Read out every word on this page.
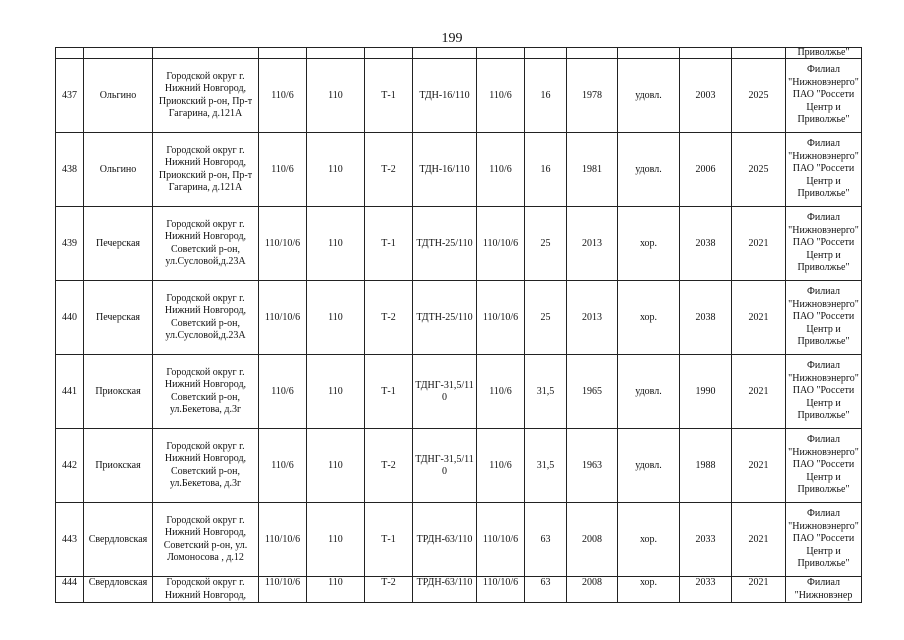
199
													Приволжье"
437	Ольгино	Городской округ г. Нижний Новгород, Приокский р-он, Пр-т Гагарина, д.121А	110/6	110	Т-1	ТДН-16/110	110/6	16	1978	удовл.	2003	2025	Филиал "Нижновэнерго" ПАО "Россети Центр и Приволжье"
438	Ольгино	Городской округ г. Нижний Новгород, Приокский р-он, Пр-т Гагарина, д.121А	110/6	110	Т-2	ТДН-16/110	110/6	16	1981	удовл.	2006	2025	Филиал "Нижновэнерго" ПАО "Россети Центр и Приволжье"
439	Печерская	Городской округ г. Нижний Новгород, Советский р-он, ул.Сусловой,д.23А	110/10/6	110	Т-1	ТДТН-25/110	110/10/6	25	2013	хор.	2038	2021	Филиал "Нижновэнерго" ПАО "Россети Центр и Приволжье"
440	Печерская	Городской округ г. Нижний Новгород, Советский р-он, ул.Сусловой,д.23А	110/10/6	110	Т-2	ТДТН-25/110	110/10/6	25	2013	хор.	2038	2021	Филиал "Нижновэнерго" ПАО "Россети Центр и Приволжье"
441	Приокская	Городской округ г. Нижний Новгород, Советский р-он, ул.Бекетова, д.3г	110/6	110	Т-1	ТДНГ-31,5/110	110/6	31,5	1965	удовл.	1990	2021	Филиал "Нижновэнерго" ПАО "Россети Центр и Приволжье"
442	Приокская	Городской округ г. Нижний Новгород, Советский р-он, ул.Бекетова, д.3г	110/6	110	Т-2	ТДНГ-31,5/110	110/6	31,5	1963	удовл.	1988	2021	Филиал "Нижновэнерго" ПАО "Россети Центр и Приволжье"
443	Свердловская	Городской округ г. Нижний Новгород, Советский р-он, ул. Ломоносова , д.12	110/10/6	110	Т-1	ТРДН-63/110	110/10/6	63	2008	хор.	2033	2021	Филиал "Нижновэнерго" ПАО "Россети Центр и Приволжье"
444	Свердловская	Городской округ г. Нижний Новгород,	110/10/6	110	Т-2	ТРДН-63/110	110/10/6	63	2008	хор.	2033	2021	Филиал "Нижновэнер
